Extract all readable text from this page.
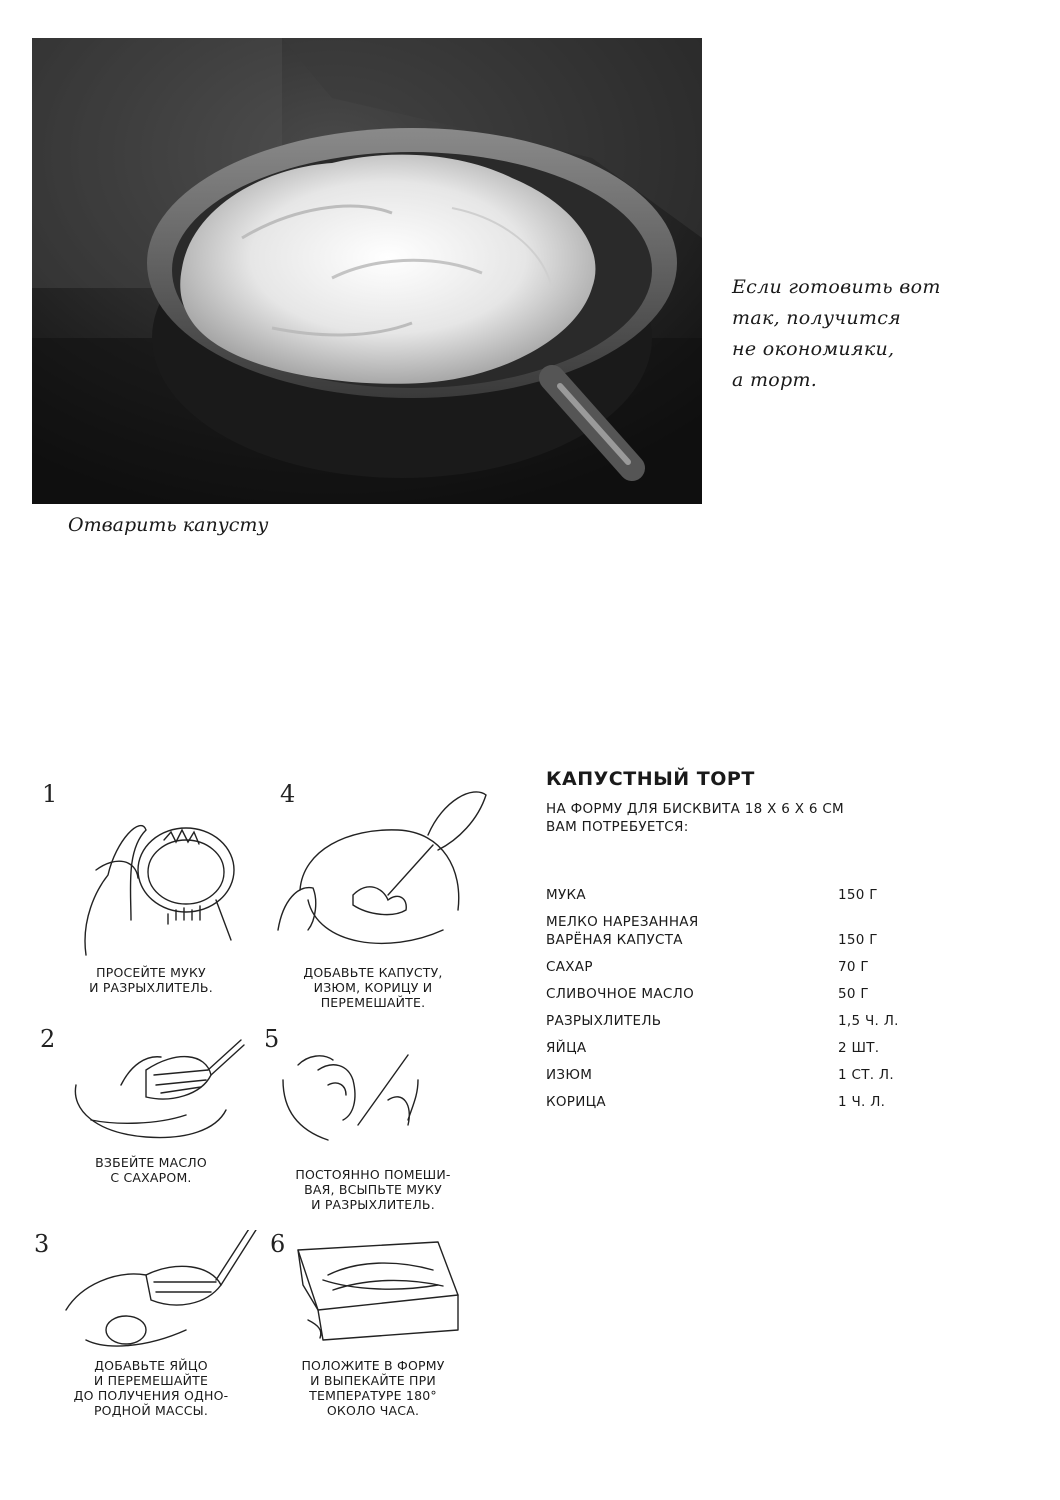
Если готовить вот
так, получится
не окономияки,
а торт.
Отварить капусту
1
ПРОСЕЙТЕ МУКУ
И РАЗРЫХЛИТЕЛЬ.
2
ВЗБЕЙТЕ МАСЛО
С САХАРОМ.
3
ДОБАВЬТЕ ЯЙЦО
И ПЕРЕМЕШАЙТЕ
ДО ПОЛУЧЕНИЯ ОДНО-
РОДНОЙ МАССЫ.
4
ДОБАВЬТЕ КАПУСТУ,
ИЗЮМ, КОРИЦУ И
ПЕРЕМЕШАЙТЕ.
5
ПОСТОЯННО ПОМЕШИ-
ВАЯ, ВСЫПЬТЕ МУКУ
И РАЗРЫХЛИТЕЛЬ.
6
ПОЛОЖИТЕ В ФОРМУ
И ВЫПЕКАЙТЕ ПРИ
ТЕМПЕРАТУРЕ 180°
ОКОЛО ЧАСА.
КАПУСТНЫЙ ТОРТ
НА ФОРМУ ДЛЯ БИСКВИТА 18 Х 6 Х 6 СМ
ВАМ ПОТРЕБУЕТСЯ:
МУКА	150 Г
МЕЛКО НАРЕЗАННАЯ
ВАРЁНАЯ КАПУСТА	150 Г
САХАР	70 Г
СЛИВОЧНОЕ МАСЛО	50 Г
РАЗРЫХЛИТЕЛЬ	1,5 Ч. Л.
ЯЙЦА	2 ШТ.
ИЗЮМ	1 СТ. Л.
КОРИЦА	1 Ч. Л.
